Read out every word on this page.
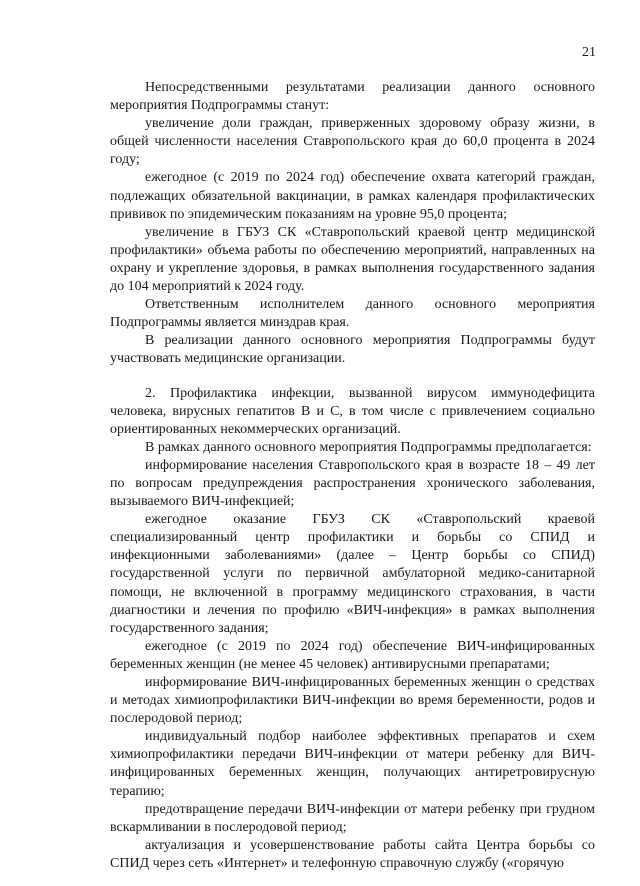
21

Непосредственными результатами реализации данного основного мероприятия Подпрограммы станут:

увеличение доли граждан, приверженных здоровому образу жизни, в общей численности населения Ставропольского края до 60,0 процента в 2024 году;

ежегодное (с 2019 по 2024 год) обеспечение охвата категорий граждан, подлежащих обязательной вакцинации, в рамках календаря профилактических прививок по эпидемическим показаниям на уровне 95,0 процента;

увеличение в ГБУЗ СК «Ставропольский краевой центр медицинской профилактики» объема работы по обеспечению мероприятий, направленных на охрану и укрепление здоровья, в рамках выполнения государственного задания до 104 мероприятий к 2024 году.

Ответственным исполнителем данного основного мероприятия Подпрограммы является минздрав края.

В реализации данного основного мероприятия Подпрограммы будут участвовать медицинские организации.

2. Профилактика инфекции, вызванной вирусом иммунодефицита человека, вирусных гепатитов B и C, в том числе с привлечением социально ориентированных некоммерческих организаций.

В рамках данного основного мероприятия Подпрограммы предполагается:

информирование населения Ставропольского края в возрасте 18 – 49 лет по вопросам предупреждения распространения хронического заболевания, вызываемого ВИЧ-инфекцией;

ежегодное оказание ГБУЗ СК «Ставропольский краевой специализированный центр профилактики и борьбы со СПИД и инфекционными заболеваниями» (далее – Центр борьбы со СПИД) государственной услуги по первичной амбулаторной медико-санитарной помощи, не включенной в программу медицинского страхования, в части диагностики и лечения по профилю «ВИЧ-инфекция» в рамках выполнения государственного задания;

ежегодное (с 2019 по 2024 год) обеспечение ВИЧ-инфицированных беременных женщин (не менее 45 человек) антивирусными препаратами;

информирование ВИЧ-инфицированных беременных женщин о средствах и методах химиопрофилактики ВИЧ-инфекции во время беременности, родов и послеродовой период;

индивидуальный подбор наиболее эффективных препаратов и схем химиопрофилактики передачи ВИЧ-инфекции от матери ребенку для ВИЧ-инфицированных беременных женщин, получающих антиретровирусную терапию;

предотвращение передачи ВИЧ-инфекции от матери ребенку при грудном вскармливании в послеродовой период;

актуализация и усовершенствование работы сайта Центра борьбы со СПИД через сеть «Интернет» и телефонную справочную службу («горячую
